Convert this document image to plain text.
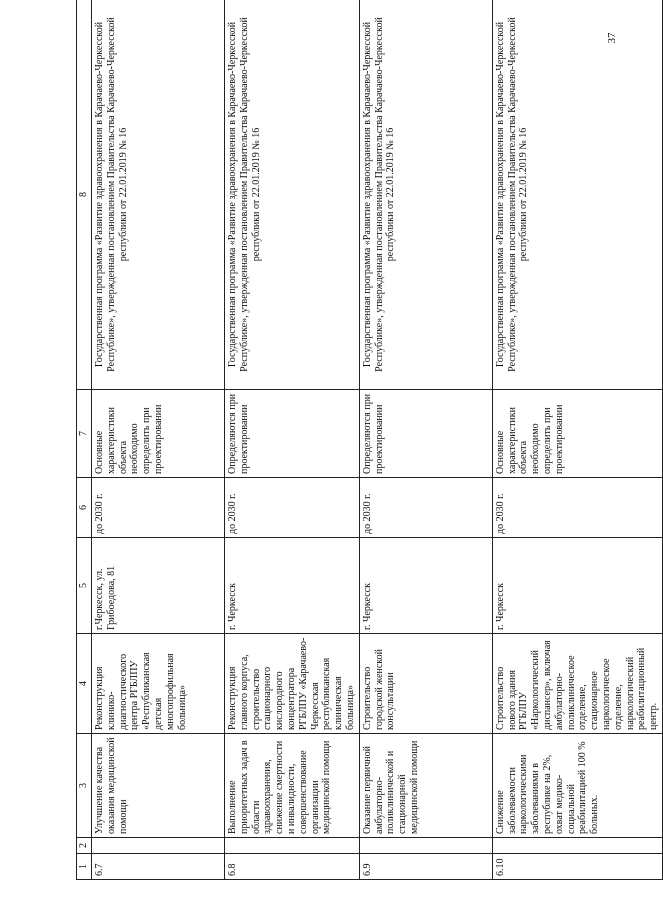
37
1	2	3	4	5	6	7	8
6.7		Улучшение качества оказания медицинской помощи	Реконструкция клинико-диагностического центра РГБЛПУ «Республиканская детская многопрофильная больница»	г.Черкесск, ул. Грибоедова, 81	до 2030 г.	Основные характеристики объекта необходимо определить при проектировании	Государственная программа «Развитие здравоохранения в Карачаево-Черкесской Республике», утвержденная постановлением Правительства Карачаево-Черкесской республики от 22.01.2019 № 16
6.8		Выполнение приоритетных задач в области здравоохранения, снижение смертности и инвалидности, совершенствование организации медицинской помощи	Реконструкция главного корпуса, строительство стационарного кислородного концентратора РГБЛПУ «Карачаево-Черкесская республиканская клиническая больница»	г. Черкесск	до 2030 г.	Определяются при проектировании	Государственная программа «Развитие здравоохранения в Карачаево-Черкесской Республике», утвержденная постановлением Правительства Карачаево-Черкесской республики от 22.01.2019 № 16
6.9		Оказание первичной амбулаторно-поликлинической и стационарной медицинской помощи	Строительство городской женской консультации	г. Черкесск	до 2030 г.	Определяются при проектировании	Государственная программа «Развитие здравоохранения в Карачаево-Черкесской Республике», утвержденная постановлением Правительства Карачаево-Черкесской республики от 22.01.2019 № 16
6.10		Снижение заболеваемости наркологическими заболеваниями в республике на 2%, охват медико-социальной реабилитацией 100 % больных.	Строительство нового здания РГБЛПУ «Наркологический диспансер», включая амбулаторно-поликлиническое отделение, стационарное наркологическое отделение, наркологический реабилитационный центр.	г. Черкесск	до 2030 г.	Основные характеристики объекта необходимо определить при проектировании	Государственная программа «Развитие здравоохранения в Карачаево-Черкесской Республике», утвержденная постановлением Правительства Карачаево-Черкесской республики от 22.01.2019 № 16
